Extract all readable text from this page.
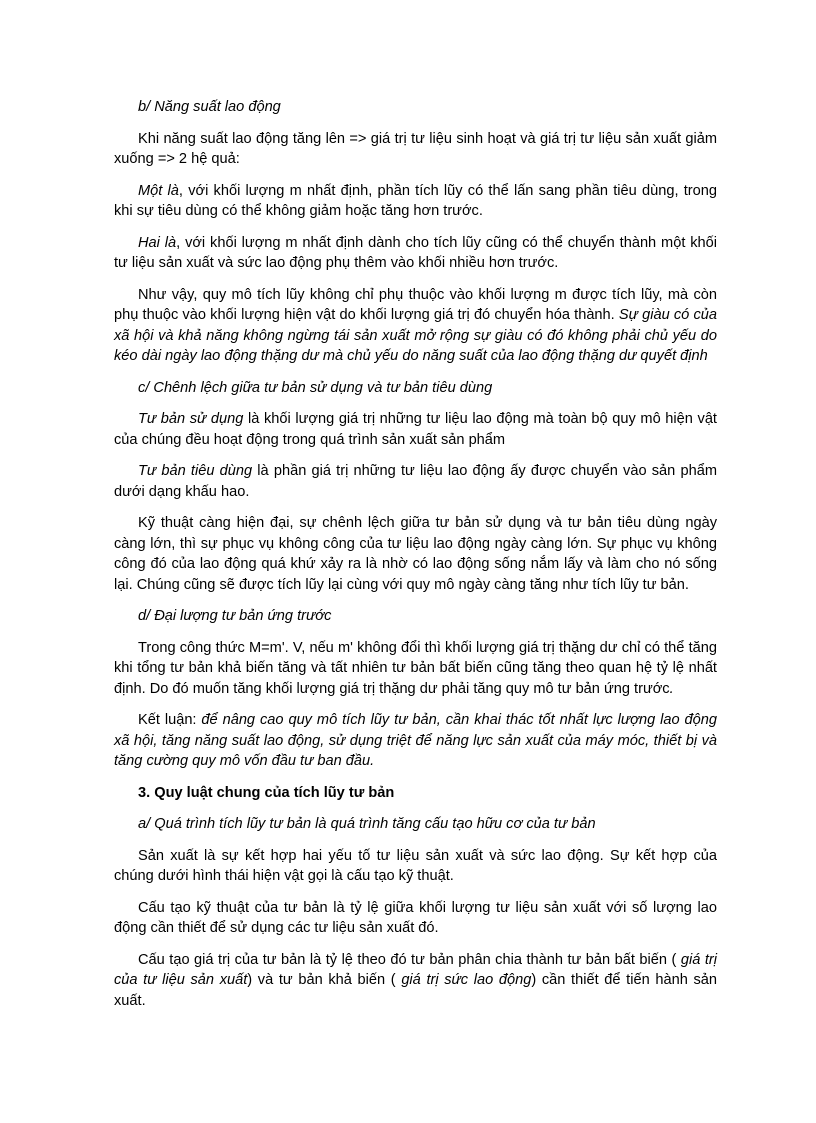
b/ Năng suất lao động

Khi năng suất lao động tăng lên => giá trị tư liệu sinh hoạt và giá trị tư liệu sản xuất giảm xuống => 2 hệ quả:

Một là, với khối lượng m nhất định, phần tích lũy có thể lấn sang phần tiêu dùng, trong khi sự tiêu dùng có thể không giảm hoặc tăng hơn trước.

Hai là, với khối lượng m nhất định dành cho tích lũy cũng có thể chuyển thành một khối tư liệu sản xuất và sức lao động phụ thêm vào khối nhiều hơn trước.

Như vậy, quy mô tích lũy không chỉ phụ thuộc vào khối lượng m được tích lũy, mà còn phụ thuộc vào khối lượng hiện vật do khối lượng giá trị đó chuyển hóa thành. Sự giàu có của xã hội và khả năng không ngừng tái sản xuất mở rộng sự giàu có đó không phải chủ yếu do kéo dài ngày lao động thặng dư mà chủ yếu do năng suất của lao động thặng dư quyết định

c/ Chênh lệch giữa tư bản sử dụng và tư bản tiêu dùng

Tư bản sử dụng là khối lượng giá trị những tư liệu lao động mà toàn bộ quy mô hiện vật của chúng đều hoạt động trong quá trình sản xuất sản phẩm

Tư bản tiêu dùng là phần giá trị những tư liệu lao động ấy được chuyển vào sản phẩm dưới dạng khấu hao.

Kỹ thuật càng hiện đại, sự chênh lệch giữa tư bản sử dụng và tư bản tiêu dùng ngày càng lớn, thì sự phục vụ không công của tư liệu lao động ngày càng lớn. Sự phục vụ không công đó của lao động quá khứ xảy ra là nhờ có lao động sống nắm lấy và làm cho nó sống lại. Chúng cũng sẽ được tích lũy lại cùng với quy mô ngày càng tăng như tích lũy tư bản.

d/ Đại lượng tư bản ứng trước

Trong công thức M=m'. V, nếu m' không đổi thì khối lượng giá trị thặng dư chỉ có thể tăng khi tổng tư bản khả biến tăng và tất nhiên tư bản bất biến cũng tăng theo quan hệ tỷ lệ nhất định. Do đó muốn tăng khối lượng giá trị thặng dư phải tăng quy mô tư bản ứng trước.

Kết luận: để nâng cao quy mô tích lũy tư bản, cần khai thác tốt nhất lực lượng lao động xã hội, tăng năng suất lao động, sử dụng triệt để năng lực sản xuất của máy móc, thiết bị và tăng cường quy mô vốn đầu tư ban đầu.

3. Quy luật chung của tích lũy tư bản

a/ Quá trình tích lũy tư bản là quá trình tăng cấu tạo hữu cơ của tư bản

Sản xuất là sự kết hợp hai yếu tố tư liệu sản xuất và sức lao động. Sự kết hợp của chúng dưới hình thái hiện vật gọi là cấu tạo kỹ thuật.

Cấu tạo kỹ thuật của tư bản là tỷ lệ giữa khối lượng tư liệu sản xuất với số lượng lao động cần thiết để sử dụng các tư liệu sản xuất đó.

Cấu tạo giá trị của tư bản là tỷ lệ theo đó tư bản phân chia thành tư bản bất biến ( giá trị của tư liệu sản xuất) và tư bản khả biến ( giá trị sức lao động) cần thiết để tiến hành sản xuất.
